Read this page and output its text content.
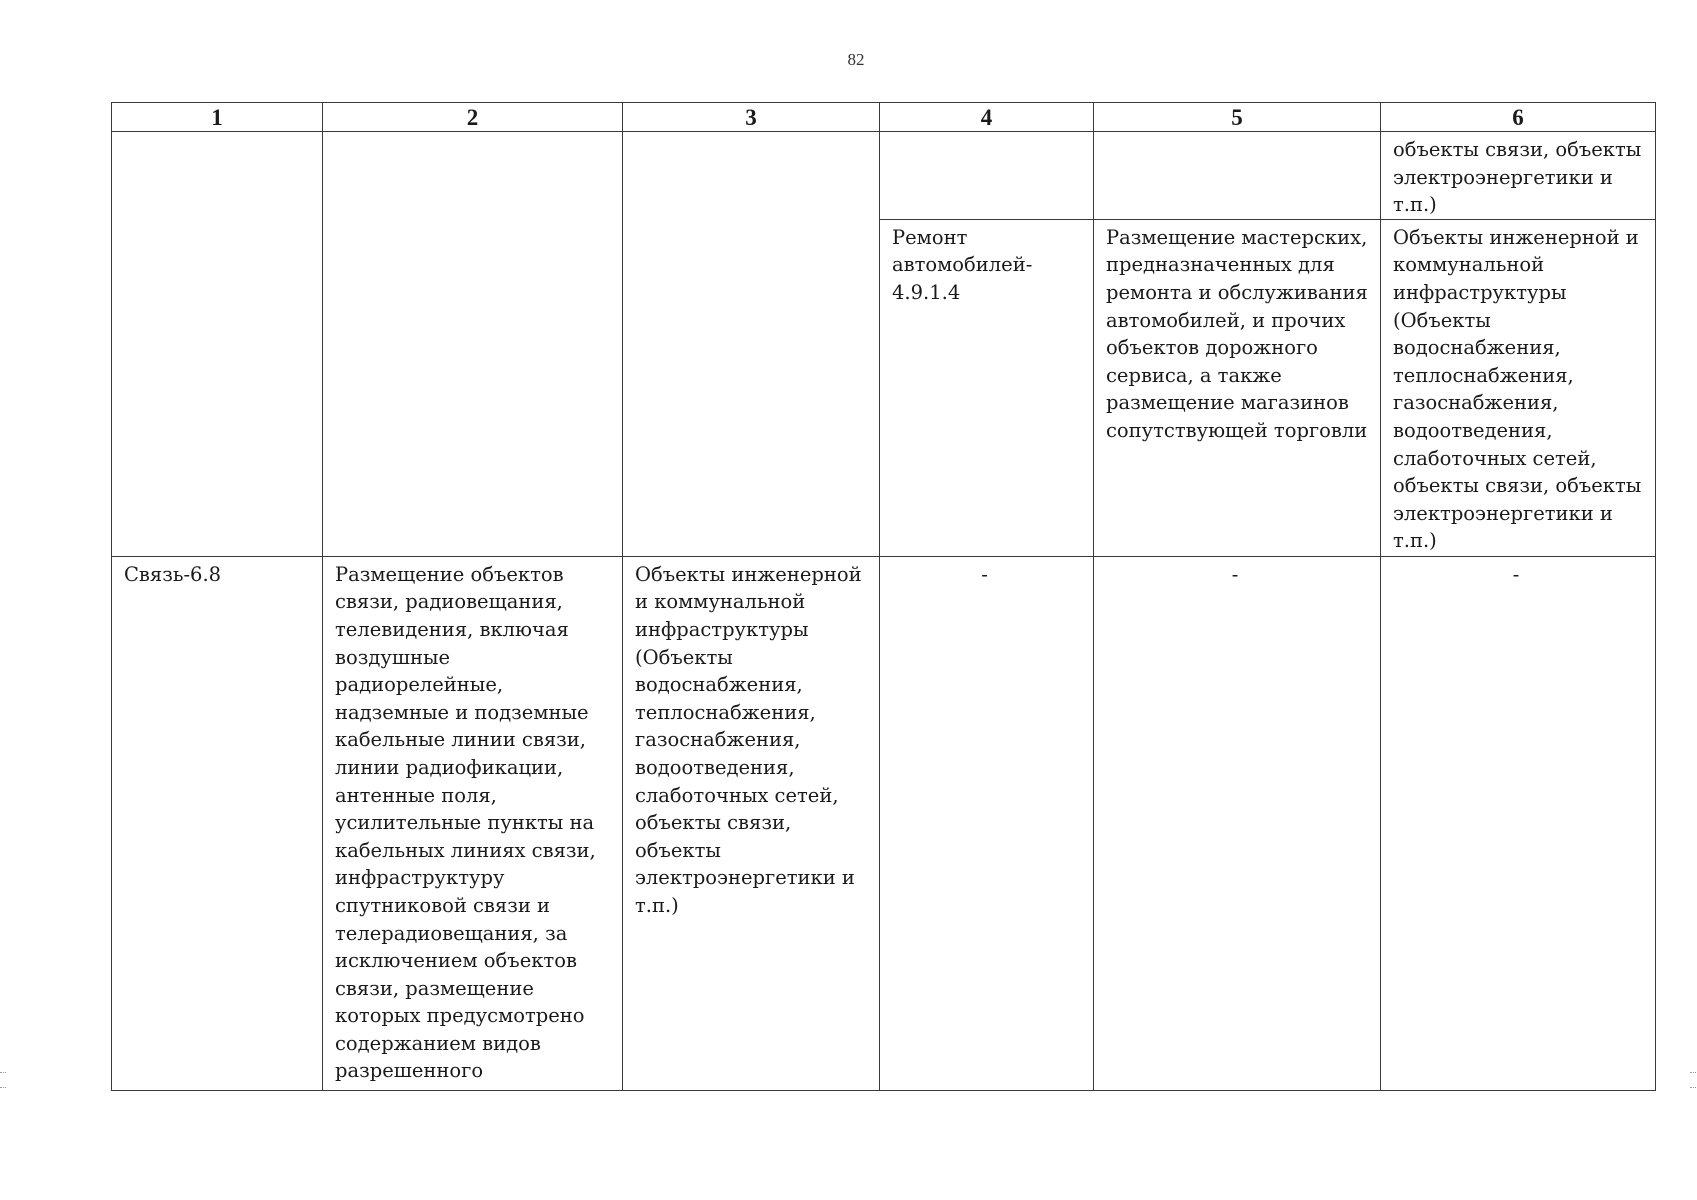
82
1	2	3	4	5	6

					объекты связи, объекты электроэнергетики и т.п.)

			Ремонт автомобилей- 4.9.1.4	Размещение мастерских, предназначенных для ремонта и обслуживания автомобилей, и прочих объектов дорожного сервиса, а также размещение магазинов сопутствующей торговли	Объекты инженерной и коммунальной инфраструктуры (Объекты водоснабжения, теплоснабжения, газоснабжения, водоотведения, слаботочных сетей, объекты связи, объекты электроэнергетики и т.п.)

Связь-6.8	Размещение объектов связи, радиовещания, телевидения, включая воздушные радиорелейные, надземные и подземные кабельные линии связи, линии радиофикации, антенные поля, усилительные пункты на кабельных линиях связи, инфраструктуру спутниковой связи и телерадиовещания, за исключением объектов связи, размещение которых предусмотрено содержанием видов разрешенного	Объекты инженерной и коммунальной инфраструктуры (Объекты водоснабжения, теплоснабжения, газоснабжения, водоотведения, слаботочных сетей, объекты связи, объекты электроэнергетики и т.п.)	-	-	-
